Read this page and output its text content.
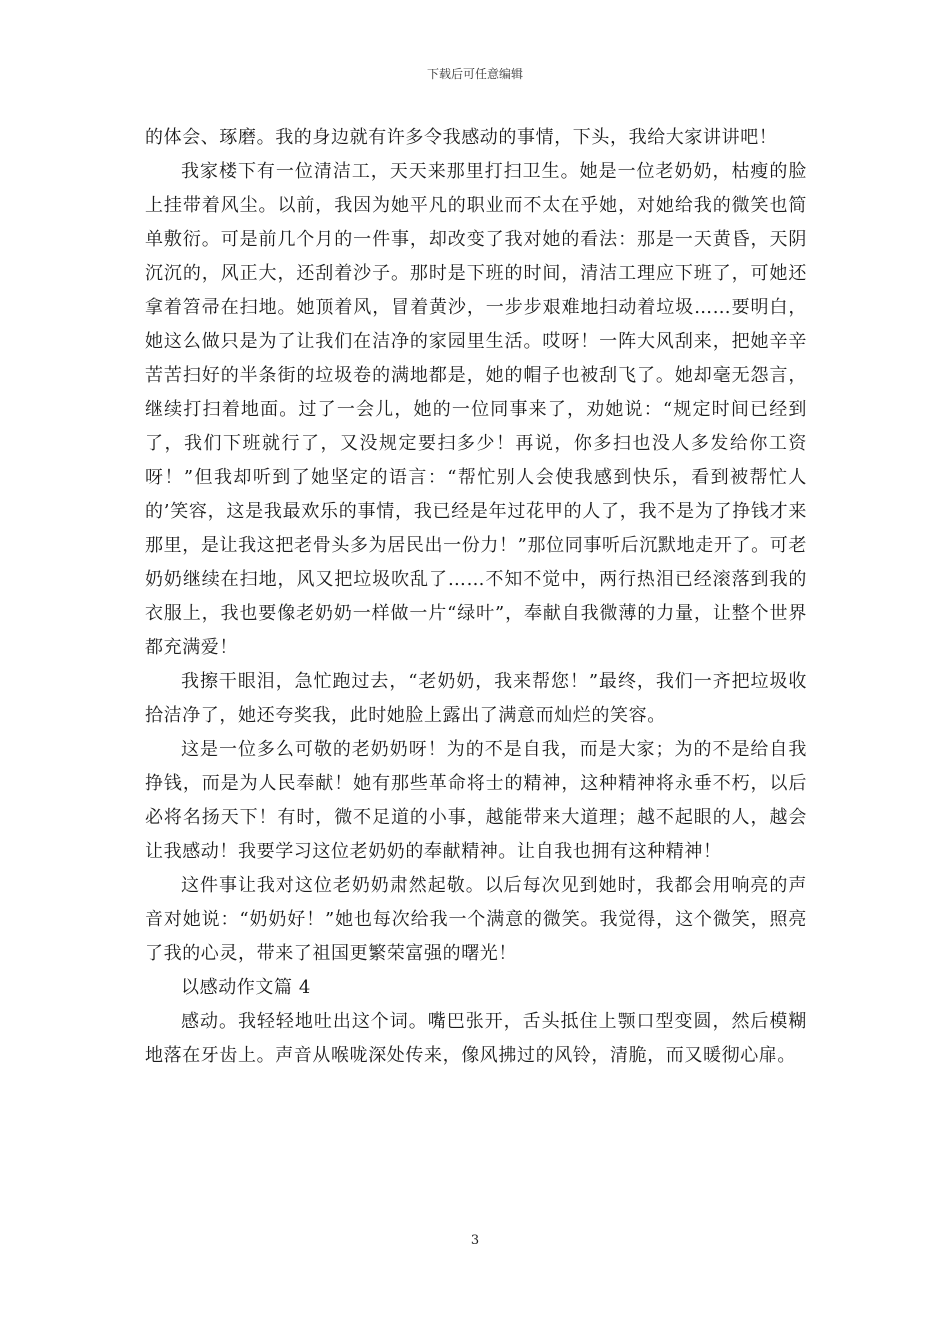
下载后可任意编辑

的体会、琢磨。我的身边就有许多令我感动的事情，下头，我给大家讲讲吧！

我家楼下有一位清洁工，天天来那里打扫卫生。她是一位老奶奶，枯瘦的脸上挂带着风尘。以前，我因为她平凡的职业而不太在乎她，对她给我的微笑也简单敷衍。可是前几个月的一件事，却改变了我对她的看法：那是一天黄昏，天阴沉沉的，风正大，还刮着沙子。那时是下班的时间，清洁工理应下班了，可她还拿着笤帚在扫地。她顶着风，冒着黄沙，一步步艰难地扫动着垃圾……要明白，她这么做只是为了让我们在洁净的家园里生活。哎呀！一阵大风刮来，把她辛辛苦苦扫好的半条街的垃圾卷的满地都是，她的帽子也被刮飞了。她却毫无怨言，继续打扫着地面。过了一会儿，她的一位同事来了，劝她说：“规定时间已经到了，我们下班就行了，又没规定要扫多少！再说，你多扫也没人多发给你工资呀！”但我却听到了她坚定的语言：“帮忙别人会使我感到快乐，看到被帮忙人的’笑容，这是我最欢乐的事情，我已经是年过花甲的人了，我不是为了挣钱才来那里，是让我这把老骨头多为居民出一份力！”那位同事听后沉默地走开了。可老奶奶继续在扫地，风又把垃圾吹乱了……不知不觉中，两行热泪已经滚落到我的衣服上，我也要像老奶奶一样做一片“绿叶”，奉献自我微薄的力量，让整个世界都充满爱！

我擦干眼泪，急忙跑过去，“老奶奶，我来帮您！”最终，我们一齐把垃圾收拾洁净了，她还夸奖我，此时她脸上露出了满意而灿烂的笑容。

这是一位多么可敬的老奶奶呀！为的不是自我，而是大家；为的不是给自我挣钱，而是为人民奉献！她有那些革命将士的精神，这种精神将永垂不朽，以后必将名扬天下！有时，微不足道的小事，越能带来大道理；越不起眼的人，越会让我感动！我要学习这位老奶奶的奉献精神。让自我也拥有这种精神！

这件事让我对这位老奶奶肃然起敬。以后每次见到她时，我都会用响亮的声音对她说：“奶奶好！”她也每次给我一个满意的微笑。我觉得，这个微笑，照亮了我的心灵，带来了祖国更繁荣富强的曙光！

以感动作文篇 4

感动。我轻轻地吐出这个词。嘴巴张开，舌头抵住上颚口型变圆，然后模糊地落在牙齿上。声音从喉咙深处传来，像风拂过的风铃，清脆，而又暖彻心扉。

3
